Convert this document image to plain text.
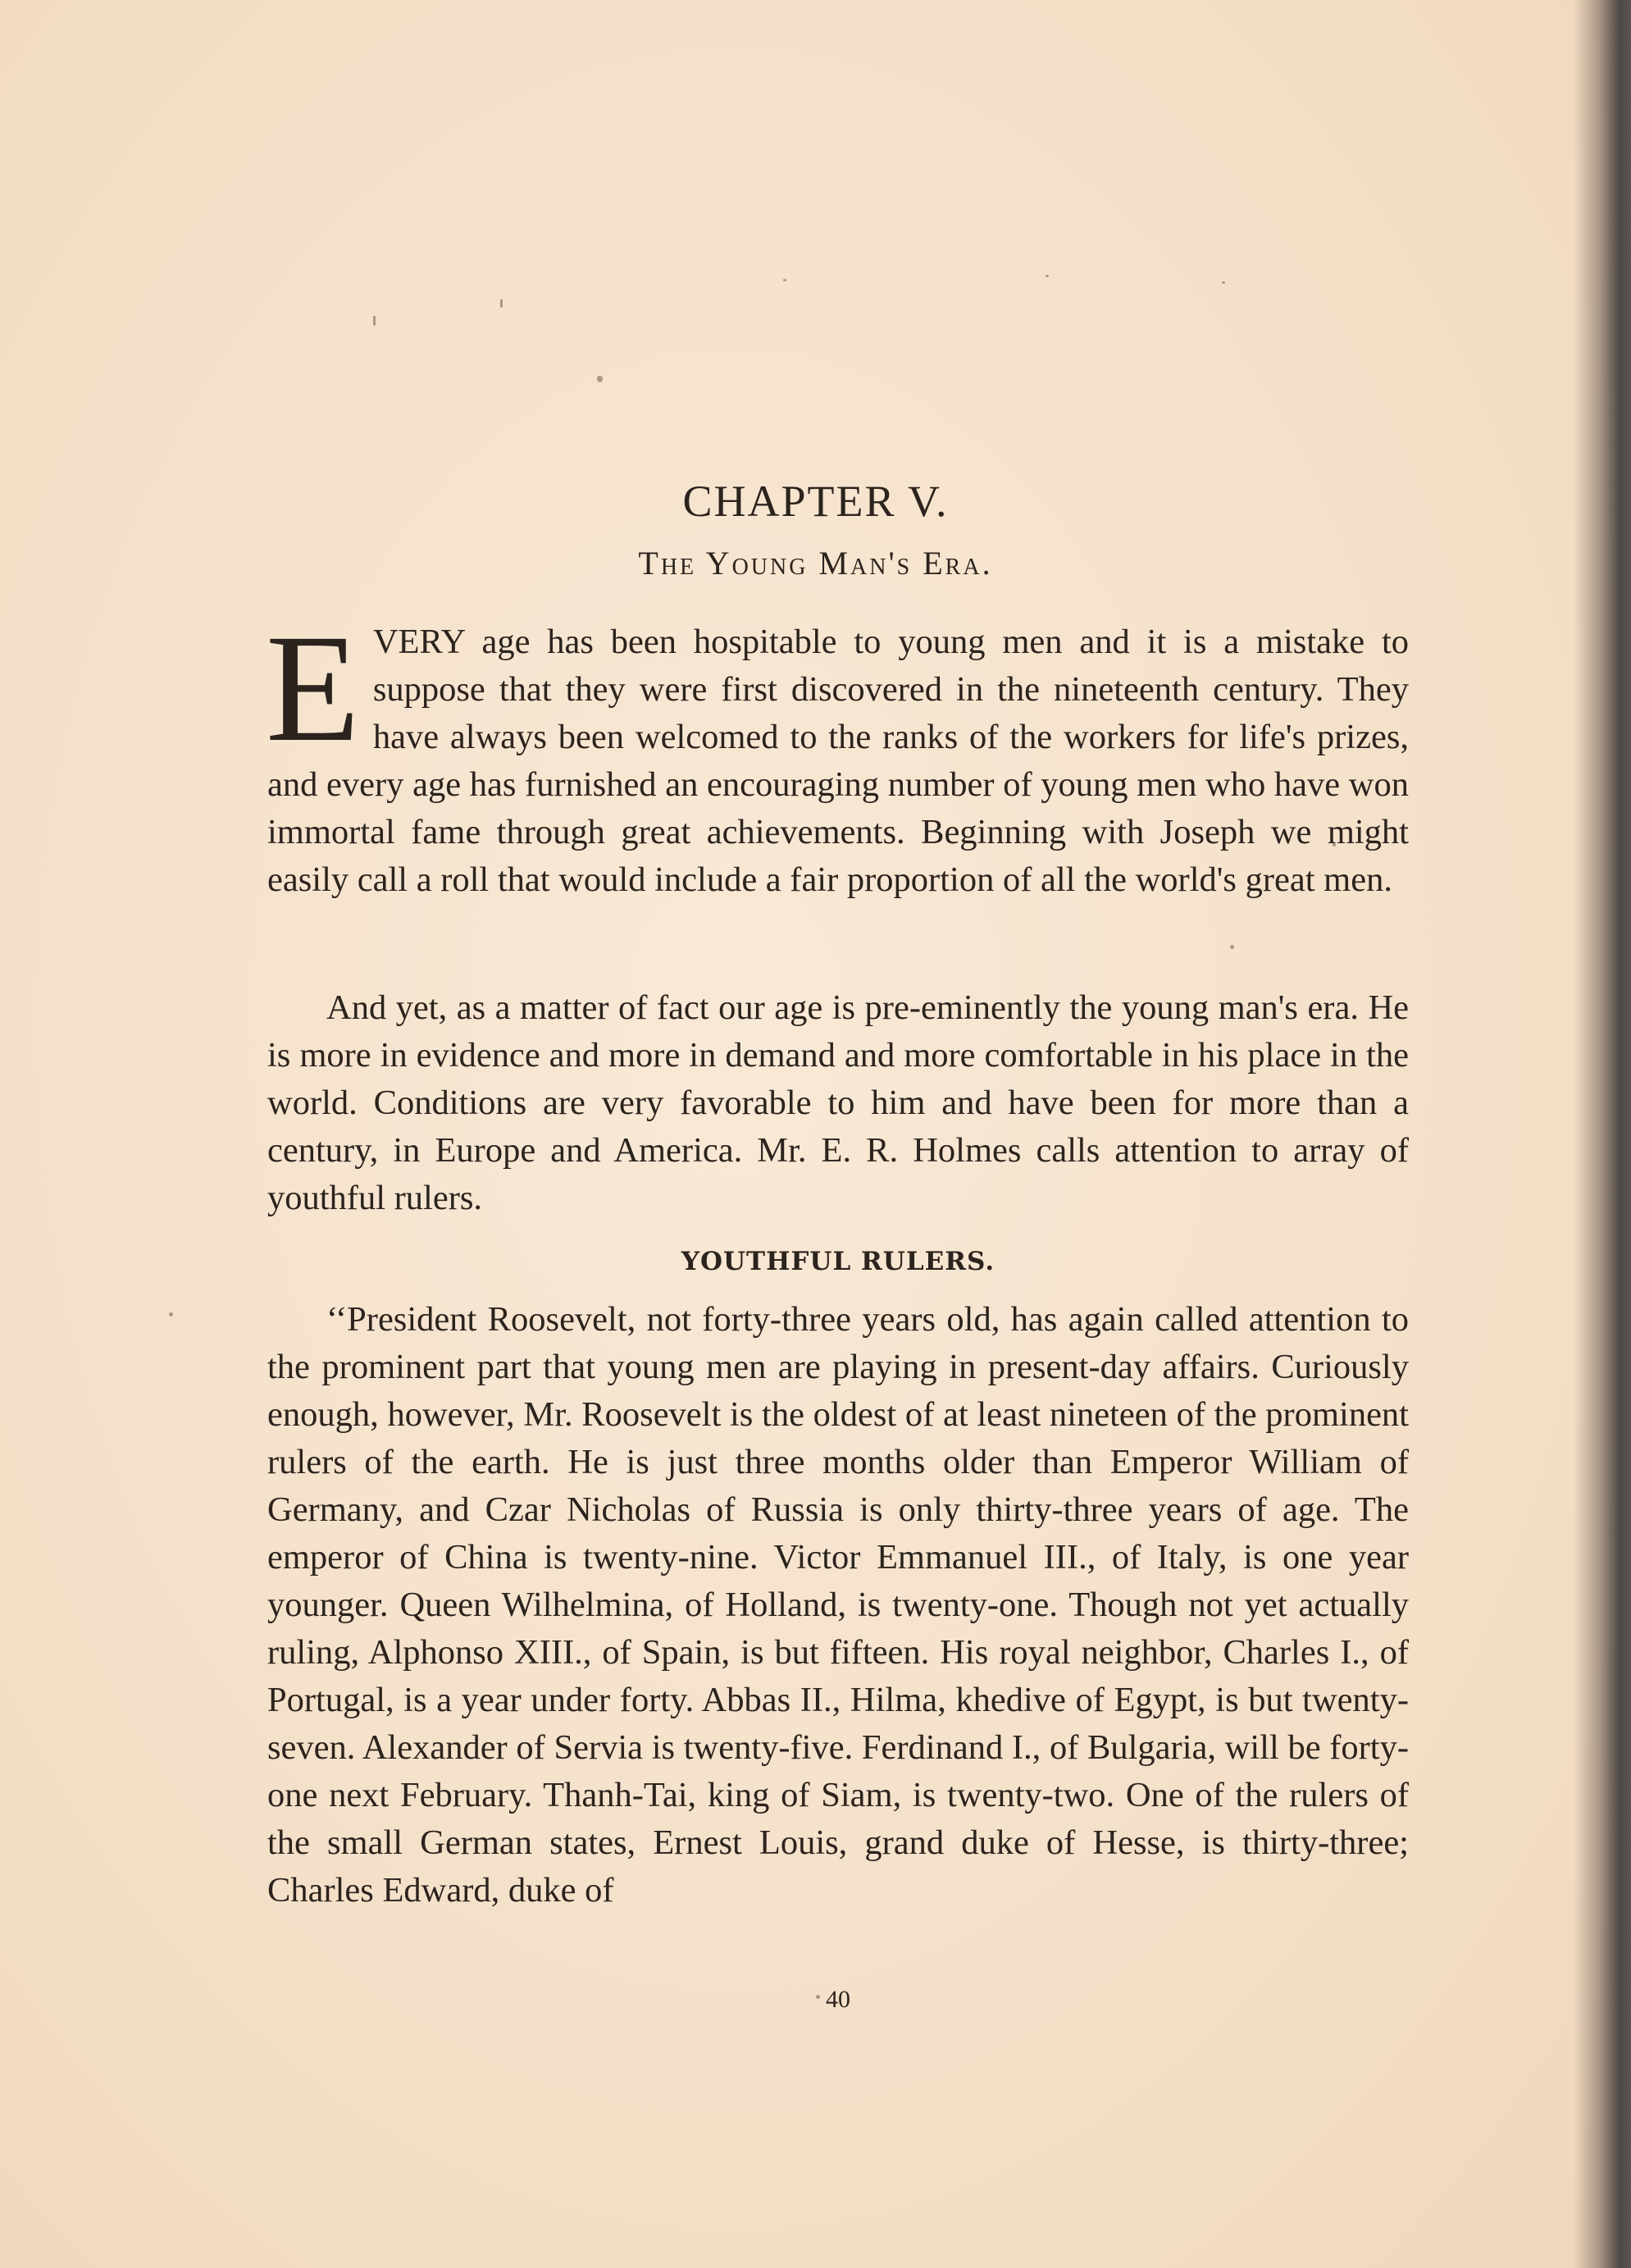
CHAPTER V.
The Young Man's Era.
EVERY age has been hospitable to young men and it is a mistake to suppose that they were first discovered in the nineteenth century. They have always been welcomed to the ranks of the workers for life's prizes, and every age has furnished an encouraging number of young men who have won immortal fame through great achievements. Beginning with Joseph we might easily call a roll that would include a fair proportion of all the world's great men.
And yet, as a matter of fact our age is pre-eminently the young man's era. He is more in evidence and more in demand and more comfortable in his place in the world. Conditions are very favorable to him and have been for more than a century, in Europe and America. Mr. E. R. Holmes calls attention to array of youthful rulers.
YOUTHFUL RULERS.
‘‘President Roosevelt, not forty-three years old, has again called attention to the prominent part that young men are playing in present-day affairs. Curiously enough, however, Mr. Roosevelt is the oldest of at least nineteen of the prominent rulers of the earth. He is just three months older than Emperor William of Germany, and Czar Nicholas of Russia is only thirty-three years of age. The emperor of China is twenty-nine. Victor Emmanuel III., of Italy, is one year younger. Queen Wilhelmina, of Holland, is twenty-one. Though not yet actually ruling, Alphonso XIII., of Spain, is but fifteen. His royal neighbor, Charles I., of Portugal, is a year under forty. Abbas II., Hilma, khedive of Egypt, is but twenty-seven. Alexander of Servia is twenty-five. Ferdinand I., of Bulgaria, will be forty-one next February. Thanh-Tai, king of Siam, is twenty-two. One of the rulers of the small German states, Ernest Louis, grand duke of Hesse, is thirty-three; Charles Edward, duke of
40
